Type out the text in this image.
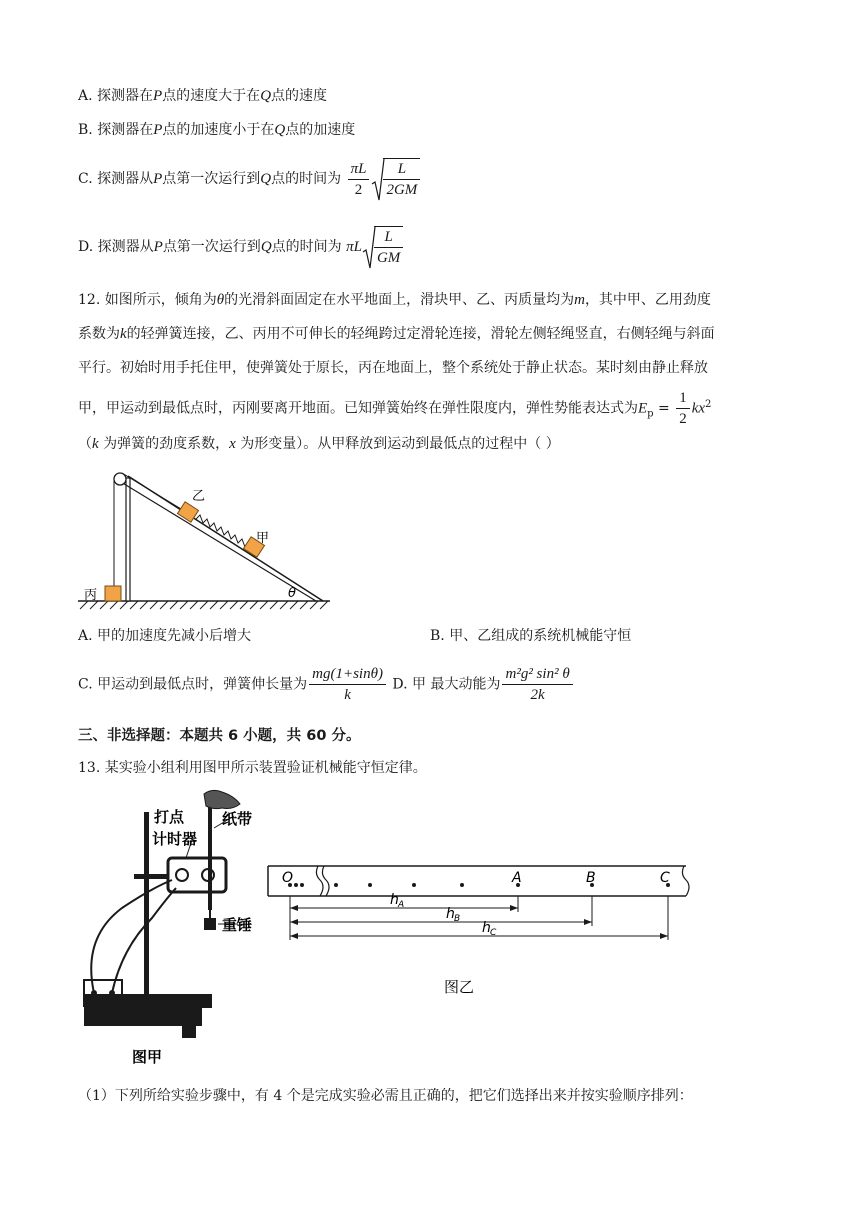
A. 探测器在P点的速度大于在Q点的速度
B. 探测器在P点的加速度小于在Q点的加速度
C. 探测器从P点第一次运行到Q点的时间为 $\frac{\pi L}{2} \frac{L}{2GM}$
D. 探测器从P点第一次运行到Q点的时间为 πL $\frac{L}{GM}$
12. 如图所示，倾角为θ的光滑斜面固定在水平地面上，滑块甲、乙、丙质量均为m，其中甲、乙用劲度
系数为k的轻弹簧连接，乙、丙用不可伸长的轻绳跨过定滑轮连接，滑轮左侧轻绳竖直，右侧轻绳与斜面
平行。初始时用手托住甲，使弹簧处于原长，丙在地面上，整个系统处于静止状态。某时刻由静止释放
甲，甲运动到最低点时，丙刚要离开地面。已知弹簧始终在弹性限度内，弹性势能表达式为$E_p = \frac{1}{2} kx^2$
（k 为弹簧的劲度系数，x 为形变量）。从甲释放到运动到最低点的过程中（ ）
乙
甲
丙	θ
A. 甲的加速度先减小后增大	B. 甲、乙组成的系统机械能守恒
C. 甲运动到最低点时，弹簧伸长量为 $\frac{mg(1+\sin\theta)}{k} D$. 甲 最大动能为 $\frac{\text{m²g² sin² θ}}{2k}$
三、非选择题：本题共 6 小题，共 60 分。
13. 某实验小组利用图甲所示装置验证机械能守恒定律。
打点
计时器
纸带
重锤
图甲
O	A	B	C
h A
h B
h C
图乙
（1）下列所给实验步骤中，有 4 个是完成实验必需且正确的，把它们选择出来并按实验顺序排列：
